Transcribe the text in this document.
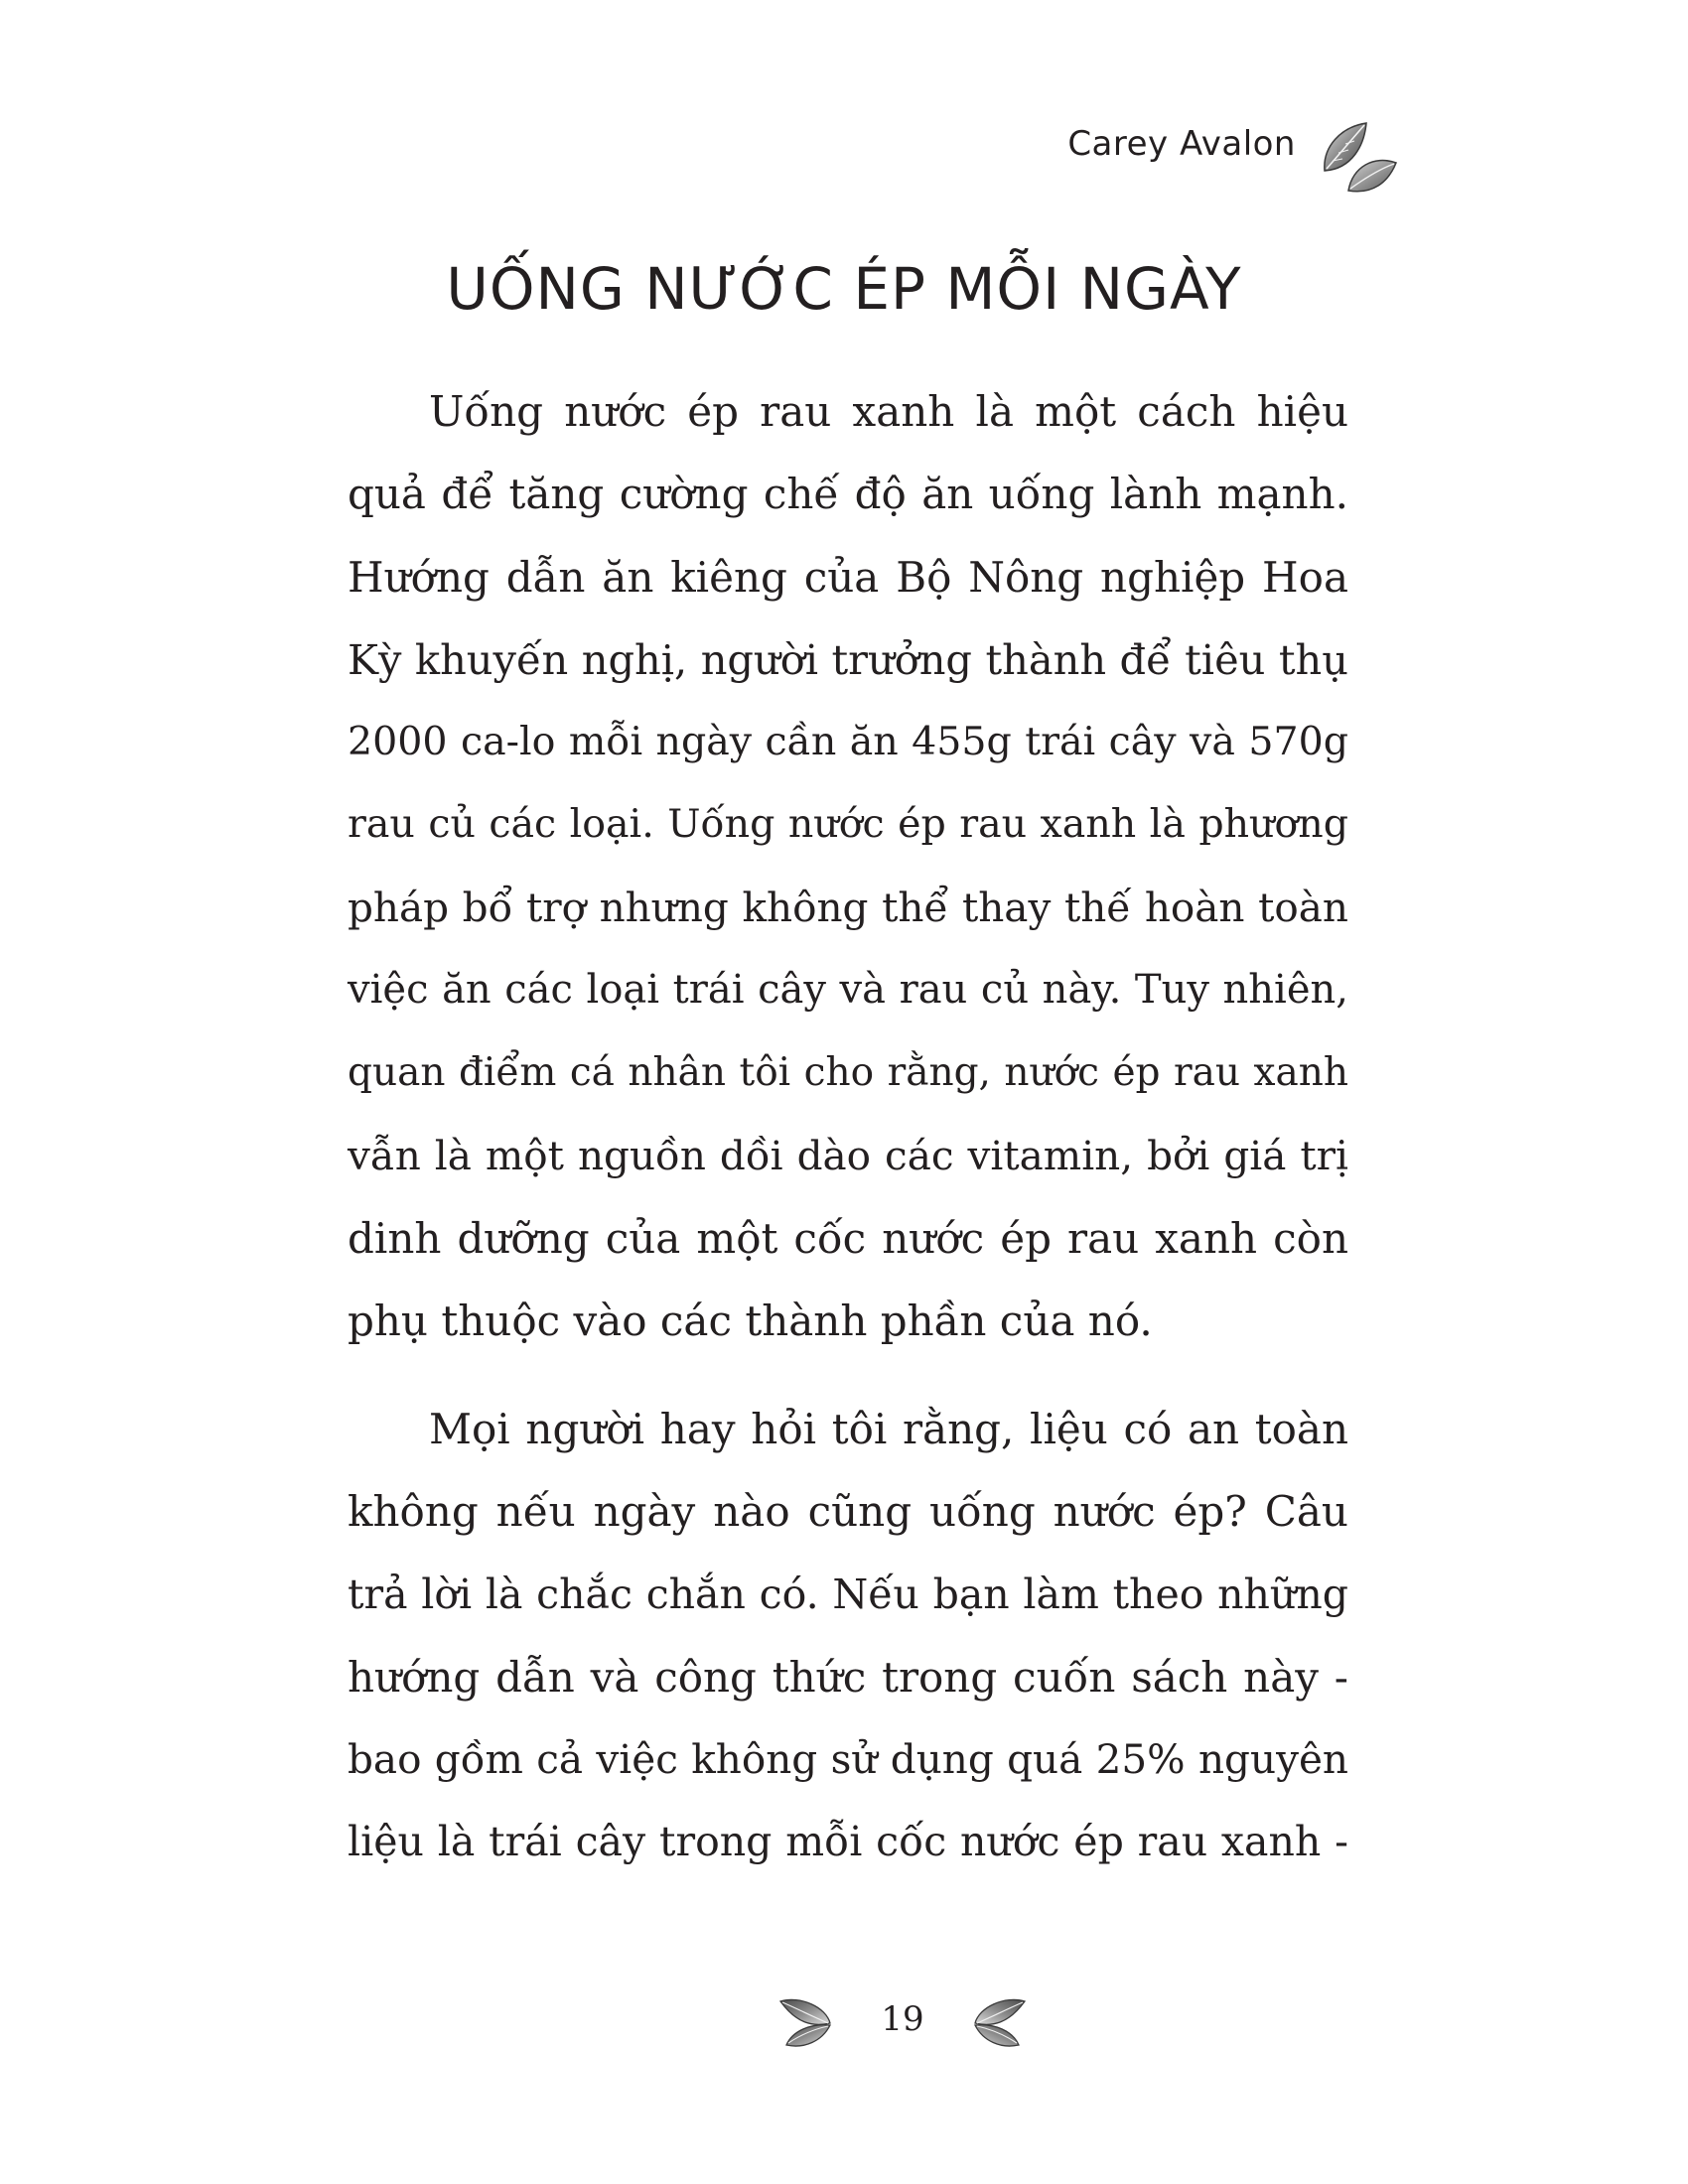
Carey Avalon
UỐNG NƯỚC ÉP MỖI NGÀY
Uống nước ép rau xanh là một cách hiệu
quả để tăng cường chế độ ăn uống lành mạnh.
Hướng dẫn ăn kiêng của Bộ Nông nghiệp Hoa
Kỳ khuyến nghị, người trưởng thành để tiêu thụ
2000 ca-lo mỗi ngày cần ăn 455g trái cây và 570g
rau củ các loại. Uống nước ép rau xanh là phương
pháp bổ trợ nhưng không thể thay thế hoàn toàn
việc ăn các loại trái cây và rau củ này. Tuy nhiên,
quan điểm cá nhân tôi cho rằng, nước ép rau xanh
vẫn là một nguồn dồi dào các vitamin, bởi giá trị
dinh dưỡng của một cốc nước ép rau xanh còn
phụ thuộc vào các thành phần của nó.
Mọi người hay hỏi tôi rằng, liệu có an toàn
không nếu ngày nào cũng uống nước ép? Câu
trả lời là chắc chắn có. Nếu bạn làm theo những
hướng dẫn và công thức trong cuốn sách này -
bao gồm cả việc không sử dụng quá 25% nguyên
liệu là trái cây trong mỗi cốc nước ép rau xanh -
19
